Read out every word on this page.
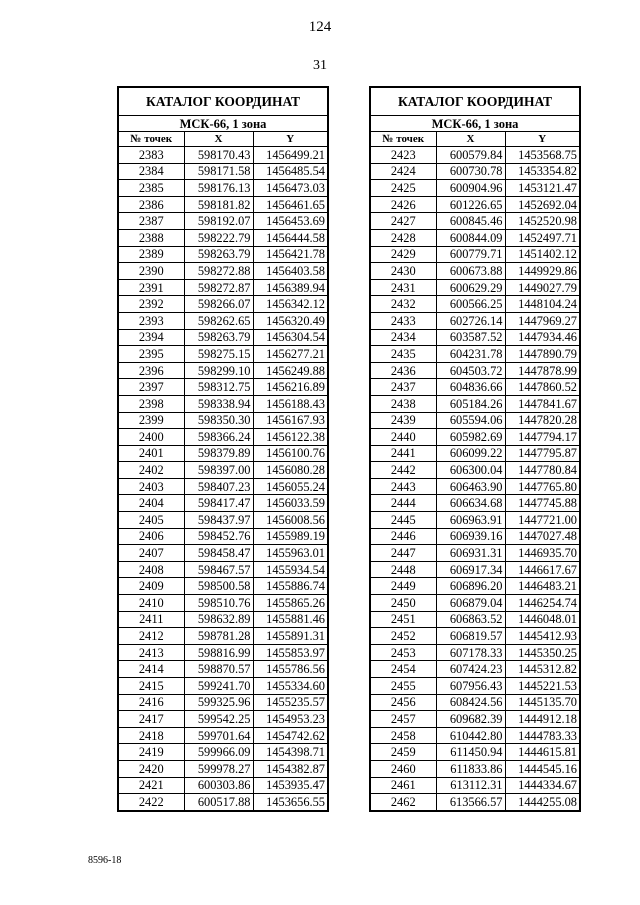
124
31
КАТАЛОГ КООРДИНАТ		
МСК-66, 1 зона		
№ точек	X	Y
2383	598170.43	1456499.21
2384	598171.58	1456485.54
2385	598176.13	1456473.03
2386	598181.82	1456461.65
2387	598192.07	1456453.69
2388	598222.79	1456444.58
2389	598263.79	1456421.78
2390	598272.88	1456403.58
2391	598272.87	1456389.94
2392	598266.07	1456342.12
2393	598262.65	1456320.49
2394	598263.79	1456304.54
2395	598275.15	1456277.21
2396	598299.10	1456249.88
2397	598312.75	1456216.89
2398	598338.94	1456188.43
2399	598350.30	1456167.93
2400	598366.24	1456122.38
2401	598379.89	1456100.76
2402	598397.00	1456080.28
2403	598407.23	1456055.24
2404	598417.47	1456033.59
2405	598437.97	1456008.56
2406	598452.76	1455989.19
2407	598458.47	1455963.01
2408	598467.57	1455934.54
2409	598500.58	1455886.74
2410	598510.76	1455865.26
2411	598632.89	1455881.46
2412	598781.28	1455891.31
2413	598816.99	1455853.97
2414	598870.57	1455786.56
2415	599241.70	1455334.60
2416	599325.96	1455235.57
2417	599542.25	1454953.23
2418	599701.64	1454742.62
2419	599966.09	1454398.71
2420	599978.27	1454382.87
2421	600303.86	1453935.47
2422	600517.88	1453656.55
КАТАЛОГ КООРДИНАТ		
МСК-66, 1 зона		
№ точек	X	Y
2423	600579.84	1453568.75
2424	600730.78	1453354.82
2425	600904.96	1453121.47
2426	601226.65	1452692.04
2427	600845.46	1452520.98
2428	600844.09	1452497.71
2429	600779.71	1451402.12
2430	600673.88	1449929.86
2431	600629.29	1449027.79
2432	600566.25	1448104.24
2433	602726.14	1447969.27
2434	603587.52	1447934.46
2435	604231.78	1447890.79
2436	604503.72	1447878.99
2437	604836.66	1447860.52
2438	605184.26	1447841.67
2439	605594.06	1447820.28
2440	605982.69	1447794.17
2441	606099.22	1447795.87
2442	606300.04	1447780.84
2443	606463.90	1447765.80
2444	606634.68	1447745.88
2445	606963.91	1447721.00
2446	606939.16	1447027.48
2447	606931.31	1446935.70
2448	606917.34	1446617.67
2449	606896.20	1446483.21
2450	606879.04	1446254.74
2451	606863.52	1446048.01
2452	606819.57	1445412.93
2453	607178.33	1445350.25
2454	607424.23	1445312.82
2455	607956.43	1445221.53
2456	608424.56	1445135.70
2457	609682.39	1444912.18
2458	610442.80	1444783.33
2459	611450.94	1444615.81
2460	611833.86	1444545.16
2461	613112.31	1444334.67
2462	613566.57	1444255.08
8596-18
